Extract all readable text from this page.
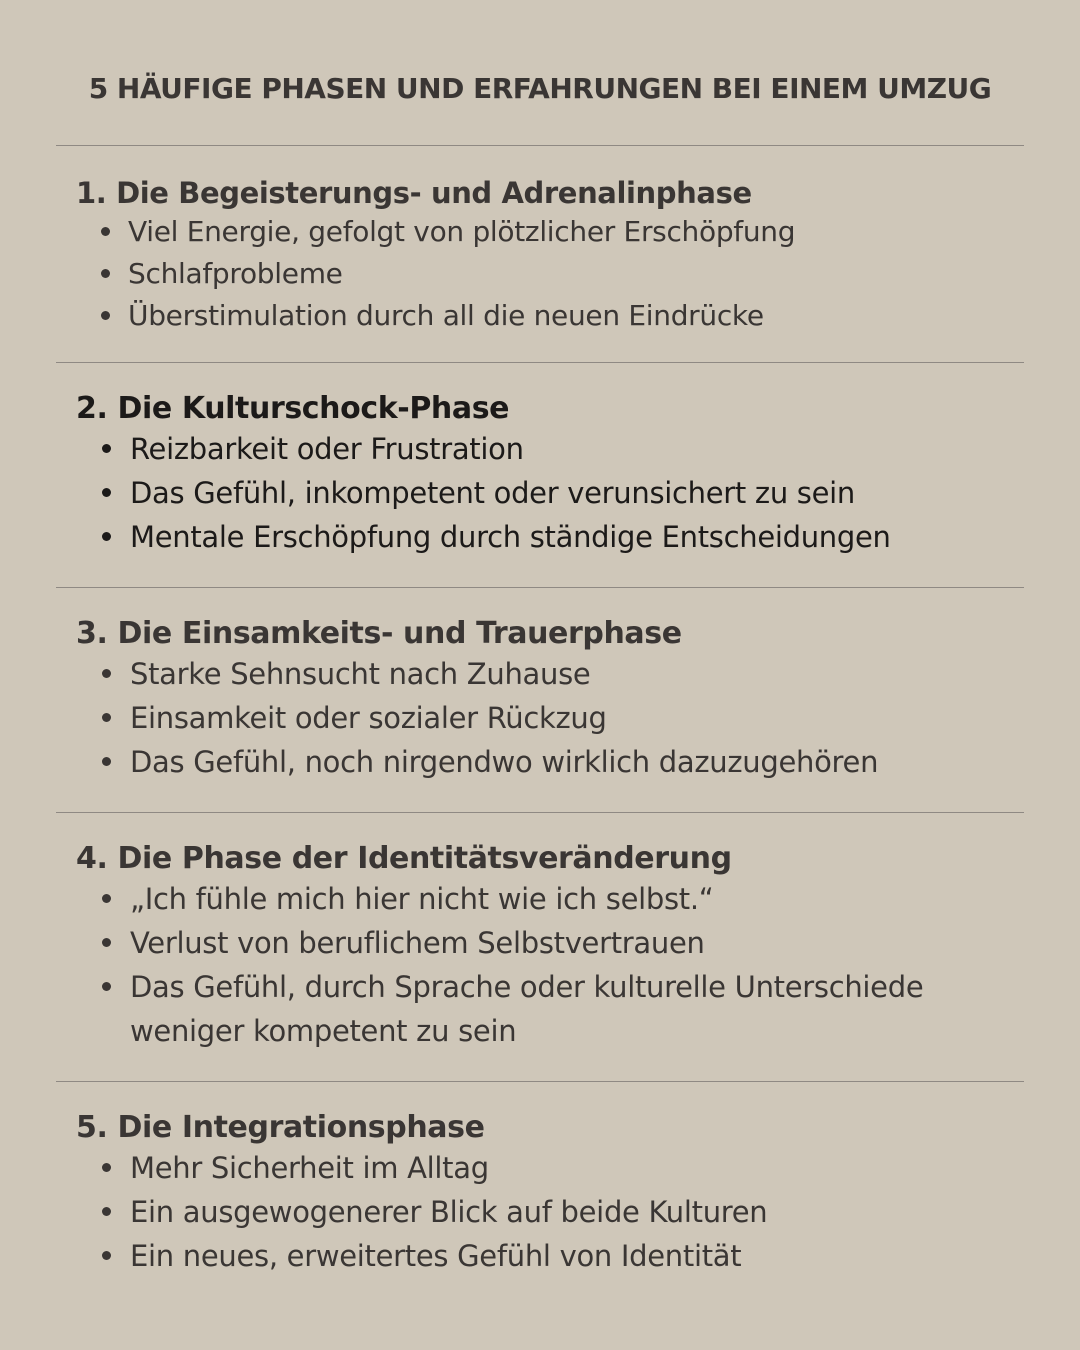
5 HÄUFIGE PHASEN UND ERFAHRUNGEN BEI EINEM UMZUG
1. Die Begeisterungs- und Adrenalinphase
Viel Energie, gefolgt von plötzlicher Erschöpfung
Schlafprobleme
Überstimulation durch all die neuen Eindrücke
2. Die Kulturschock-Phase
Reizbarkeit oder Frustration
Das Gefühl, inkompetent oder verunsichert zu sein
Mentale Erschöpfung durch ständige Entscheidungen
3. Die Einsamkeits- und Trauerphase
Starke Sehnsucht nach Zuhause
Einsamkeit oder sozialer Rückzug
Das Gefühl, noch nirgendwo wirklich dazuzugehören
4. Die Phase der Identitätsveränderung
„Ich fühle mich hier nicht wie ich selbst.“
Verlust von beruflichem Selbstvertrauen
Das Gefühl, durch Sprache oder kulturelle Unterschiede weniger kompetent zu sein
5. Die Integrationsphase
Mehr Sicherheit im Alltag
Ein ausgewogenerer Blick auf beide Kulturen
Ein neues, erweitertes Gefühl von Identität
